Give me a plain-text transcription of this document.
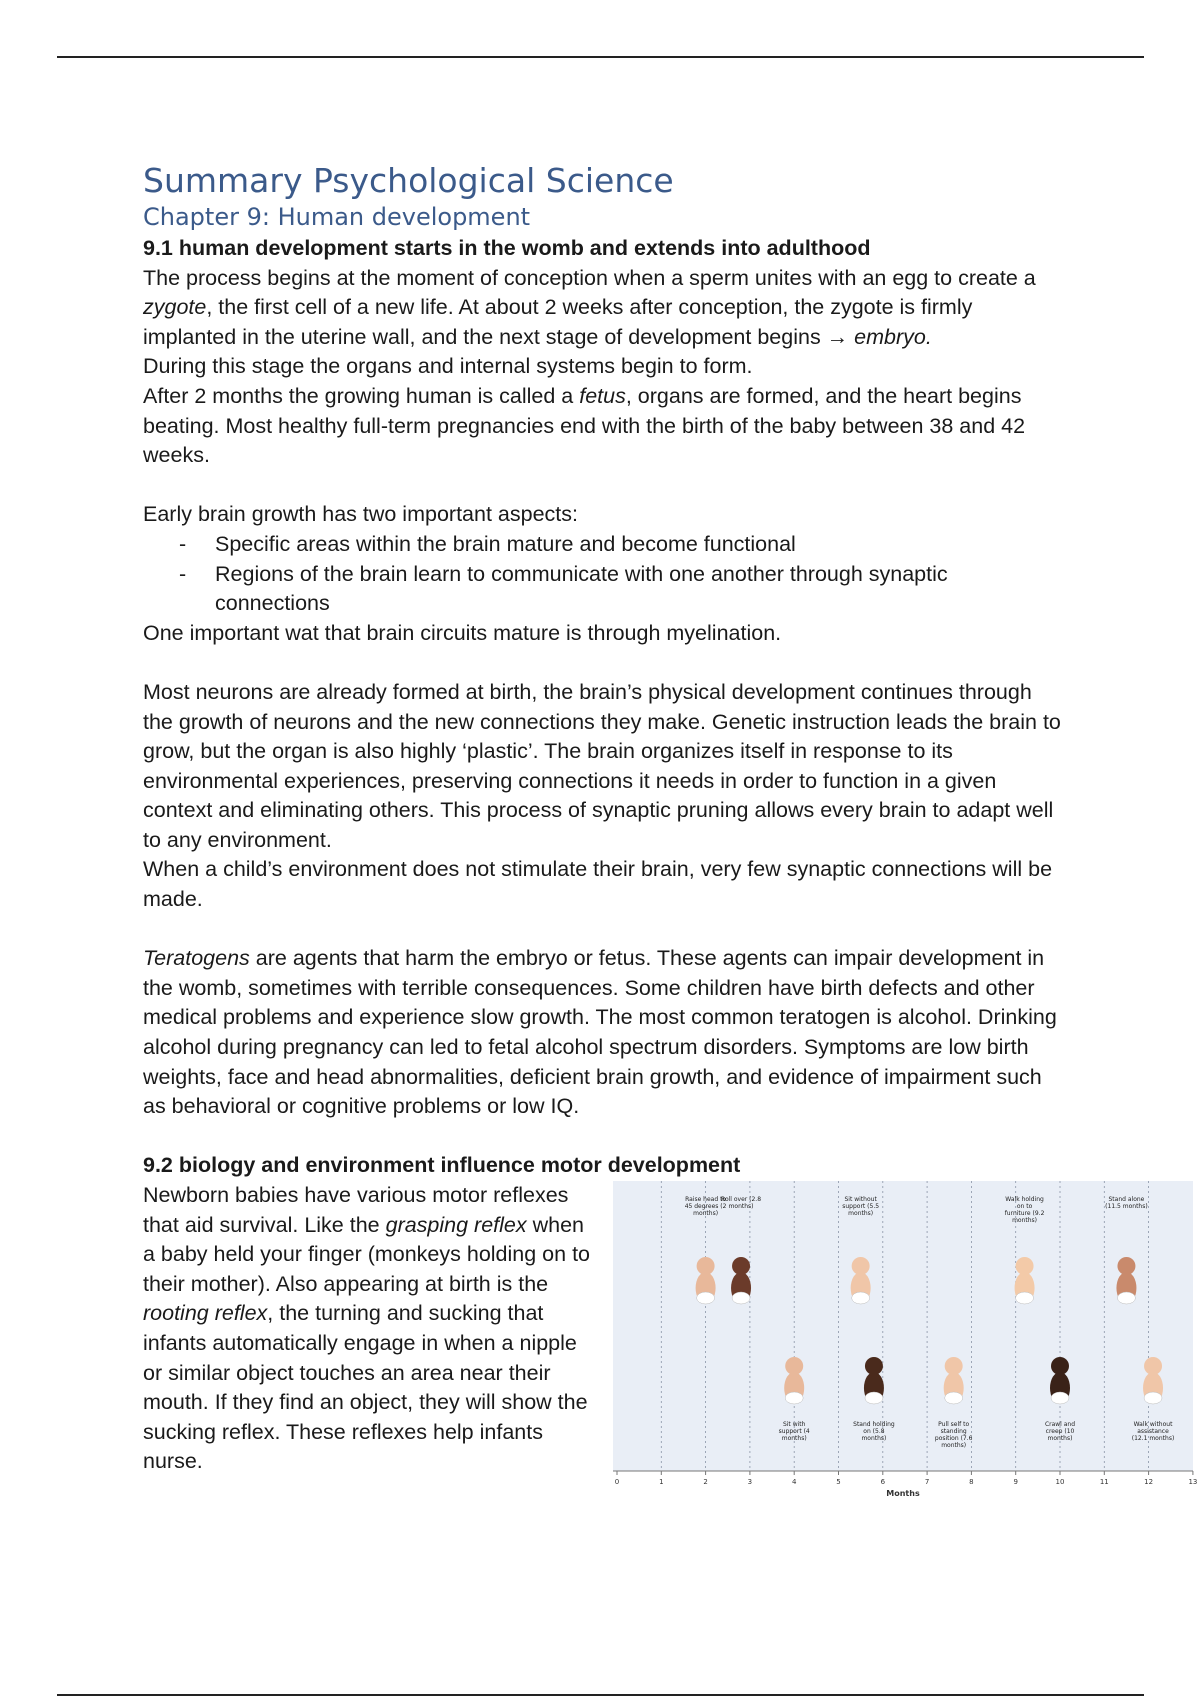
Summary Psychological Science
Chapter 9: Human development

9.1 human development starts in the womb and extends into adulthood

The process begins at the moment of conception when a sperm unites with an egg to create a zygote, the first cell of a new life. At about 2 weeks after conception, the zygote is firmly implanted in the uterine wall, and the next stage of development begins → embryo.

During this stage the organs and internal systems begin to form.

After 2 months the growing human is called a fetus, organs are formed, and the heart begins beating. Most healthy full-term pregnancies end with the birth of the baby between 38 and 42 weeks.

Early brain growth has two important aspects:

- Specific areas within the brain mature and become functional
- Regions of the brain learn to communicate with one another through synaptic connections

One important wat that brain circuits mature is through myelination.

Most neurons are already formed at birth, the brain’s physical development continues through the growth of neurons and the new connections they make. Genetic instruction leads the brain to grow, but the organ is also highly ‘plastic’. The brain organizes itself in response to its environmental experiences, preserving connections it needs in order to function in a given context and eliminating others. This process of synaptic pruning allows every brain to adapt well to any environment.

When a child’s environment does not stimulate their brain, very few synaptic connections will be made.

Teratogens are agents that harm the embryo or fetus. These agents can impair development in the womb, sometimes with terrible consequences. Some children have birth defects and other medical problems and experience slow growth. The most common teratogen is alcohol. Drinking alcohol during pregnancy can led to fetal alcohol spectrum disorders. Symptoms are low birth weights, face and head abnormalities, deficient brain growth, and evidence of impairment such as behavioral or cognitive problems or low IQ.

9.2 biology and environment influence motor development

Newborn babies have various motor reflexes that aid survival. Like the grasping reflex when a baby held your finger (monkeys holding on to their mother). Also appearing at birth is the rooting reflex, the turning and sucking that infants automatically engage in when a nipple or similar object touches an area near their mouth. If they find an object, they will show the sucking reflex. These reflexes help infants nurse.

Raise head to 45 degrees (2 months)
Roll over (2.8 months)
Sit with support (4 months)
Sit without support (5.5 months)
Stand holding on (5.8 months)
Pull self to standing position (7.6 months)
Walk holding on to furniture (9.2 months)
Crawl and creep (10 months)
Stand alone (11.5 months)
Walk without assistance (12.1 months)
0	1	2	3	4	5	6	7	8	9	10	11	12	13
Months
